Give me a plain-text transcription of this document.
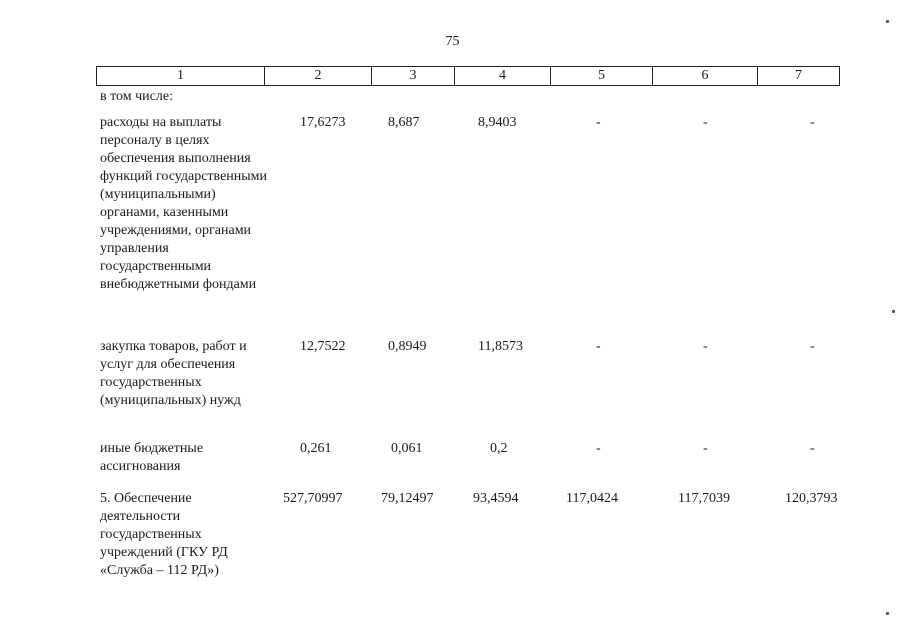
75
1	2	3	4	5	6	7
в том числе:
расходы на выплаты персоналу в целях обеспечения выполнения функций государственными (муниципальными) органами, казенными учреждениями, органами управления государственными внебюджетными фондами
17,6273	8,687	8,9403	-	-	-
закупка товаров, работ и услуг для обеспечения государственных (муниципальных) нужд
12,7522	0,8949	11,8573	-	-	-
иные бюджетные ассигнования
0,261	0,061	0,2	-	-	-
5. Обеспечение деятельности государственных учреждений (ГКУ РД «Служба – 112 РД»)
527,70997	79,12497	93,4594	117,0424	117,7039	120,3793
